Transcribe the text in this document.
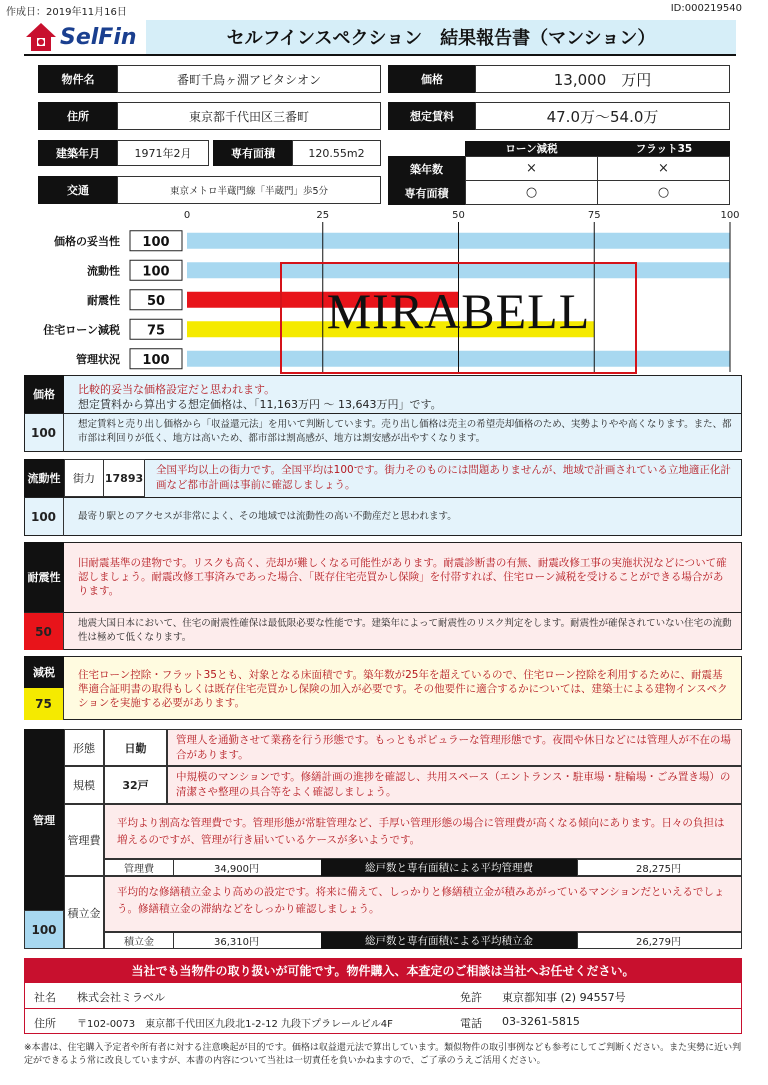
作成日：2019年11月16日	ID:000219540
SelFin	セルフインスペクション　結果報告書（マンション）
物件名	番町千鳥ヶ淵アビタシオン	価格	13,000　万円
住所	東京都千代田区三番町	想定賃料	47.0万～54.0万
建築年月	1971年2月	専有面積	120.55m2
交通	東京メトロ半蔵門線「半蔵門」歩5分
ローン減税	フラット35
築年数	×	×
専有面積	○	○
0	25	50	75	100
価格の妥当性 100
流動性 100
耐震性 50
住宅ローン減税 75
管理状況 100
MIRABELL
価格	比較的妥当な価格設定だと思われます。
想定賃料から算出する想定価格は、「11,163万円 ～ 13,643万円」です。
100
想定賃料と売り出し価格から「収益還元法」を用いて判断しています。売り出し価格は売主の希望売却価格のため、実勢よりやや高くなります。また、都市部は利回りが低く、地方は高いため、都市部は割高感が、地方は割安感が出やすくなります。
流動性	街力 17893
全国平均以上の街力です。全国平均は100です。街力そのものには問題ありませんが、地域で計画されている立地適正化計画など都市計画は事前に確認しましょう。
100	最寄り駅とのアクセスが非常によく、その地域では流動性の高い不動産だと思われます。
耐震性
旧耐震基準の建物です。リスクも高く、売却が難しくなる可能性があります。耐震診断書の有無、耐震改修工事の実施状況などについて確認しましょう。耐震改修工事済みであった場合、「既存住宅売買かし保険」を付帯すれば、住宅ローン減税を受けることができる場合があります。
50
地震大国日本において、住宅の耐震性確保は最低限必要な性能です。建築年によって耐震性のリスク判定をします。耐震性が確保されていない住宅の流動性は極めて低くなります。
減税
75
住宅ローン控除・フラット35とも、対象となる床面積です。築年数が25年を超えているので、住宅ローン控除を利用するために、耐震基準適合証明書の取得もしくは既存住宅売買かし保険の加入が必要です。その他要件に適合するかについては、建築士による建物インスペクションを実施する必要があります。
管理
100
形態	日勤
管理人を通勤させて業務を行う形態です。もっともポピュラーな管理形態です。夜間や休日などには管理人が不在の場合があります。
規模	32戸
中規模のマンションです。修繕計画の進捗を確認し、共用スペース（エントランス・駐車場・駐輪場・ごみ置き場）の清潔さや整理の具合等をよく確認しましょう。
管理費
平均より割高な管理費です。管理形態が常駐管理など、手厚い管理形態の場合に管理費が高くなる傾向にあります。日々の負担は増えるのですが、管理が行き届いているケースが多いようです。
管理費	34,900円	総戸数と専有面積による平均管理費	28,275円
積立金
平均的な修繕積立金より高めの設定です。将来に備えて、しっかりと修繕積立金が積みあがっているマンションだといえるでしょう。修繕積立金の滞納などをしっかり確認しましょう。
積立金	36,310円	総戸数と専有面積による平均積立金	26,279円
当社でも当物件の取り扱いが可能です。物件購入、本査定のご相談は当社へお任せください。
社名 株式会社ミラベル	免許 東京都知事 (2) 94557号
住所 〒102-0073　東京都千代田区九段北1-2-12 九段下プラレールビル4F	電話 03-3261-5815
※本書は、住宅購入予定者や所有者に対する注意喚起が目的です。価格は収益還元法で算出しています。類似物件の取引事例なども参考にしてご判断ください。また実勢に近い判定ができるよう常に改良していますが、本書の内容について当社は一切責任を負いかねますので、ご了承のうえご活用ください。
